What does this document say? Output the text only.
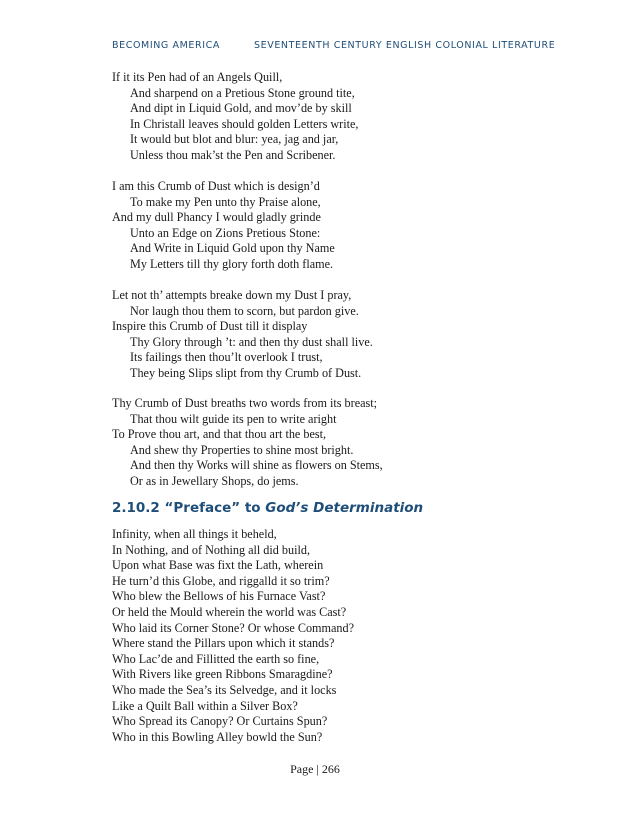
BECOMING AMERICA	SEVENTEENTH CENTURY ENGLISH COLONIAL LITERATURE
If it its Pen had of an Angels Quill,
And sharpend on a Pretious Stone ground tite,
And dipt in Liquid Gold, and mov’de by skill
In Christall leaves should golden Letters write,
It would but blot and blur: yea, jag and jar,
Unless thou mak’st the Pen and Scribener.
I am this Crumb of Dust which is design’d
To make my Pen unto thy Praise alone,
And my dull Phancy I would gladly grinde
Unto an Edge on Zions Pretious Stone:
And Write in Liquid Gold upon thy Name
My Letters till thy glory forth doth flame.
Let not th’ attempts breake down my Dust I pray,
Nor laugh thou them to scorn, but pardon give.
Inspire this Crumb of Dust till it display
Thy Glory through ’t: and then thy dust shall live.
Its failings then thou’lt overlook I trust,
They being Slips slipt from thy Crumb of Dust.
Thy Crumb of Dust breaths two words from its breast;
That thou wilt guide its pen to write aright
To Prove thou art, and that thou art the best,
And shew thy Properties to shine most bright.
And then thy Works will shine as flowers on Stems,
Or as in Jewellary Shops, do jems.
2.10.2 “Preface” to God’s Determination
Infinity, when all things it beheld,
In Nothing, and of Nothing all did build,
Upon what Base was fixt the Lath, wherein
He turn’d this Globe, and riggalld it so trim?
Who blew the Bellows of his Furnace Vast?
Or held the Mould wherein the world was Cast?
Who laid its Corner Stone? Or whose Command?
Where stand the Pillars upon which it stands?
Who Lac’de and Fillitted the earth so fine,
With Rivers like green Ribbons Smaragdine?
Who made the Sea’s its Selvedge, and it locks
Like a Quilt Ball within a Silver Box?
Who Spread its Canopy? Or Curtains Spun?
Who in this Bowling Alley bowld the Sun?
Page | 266
